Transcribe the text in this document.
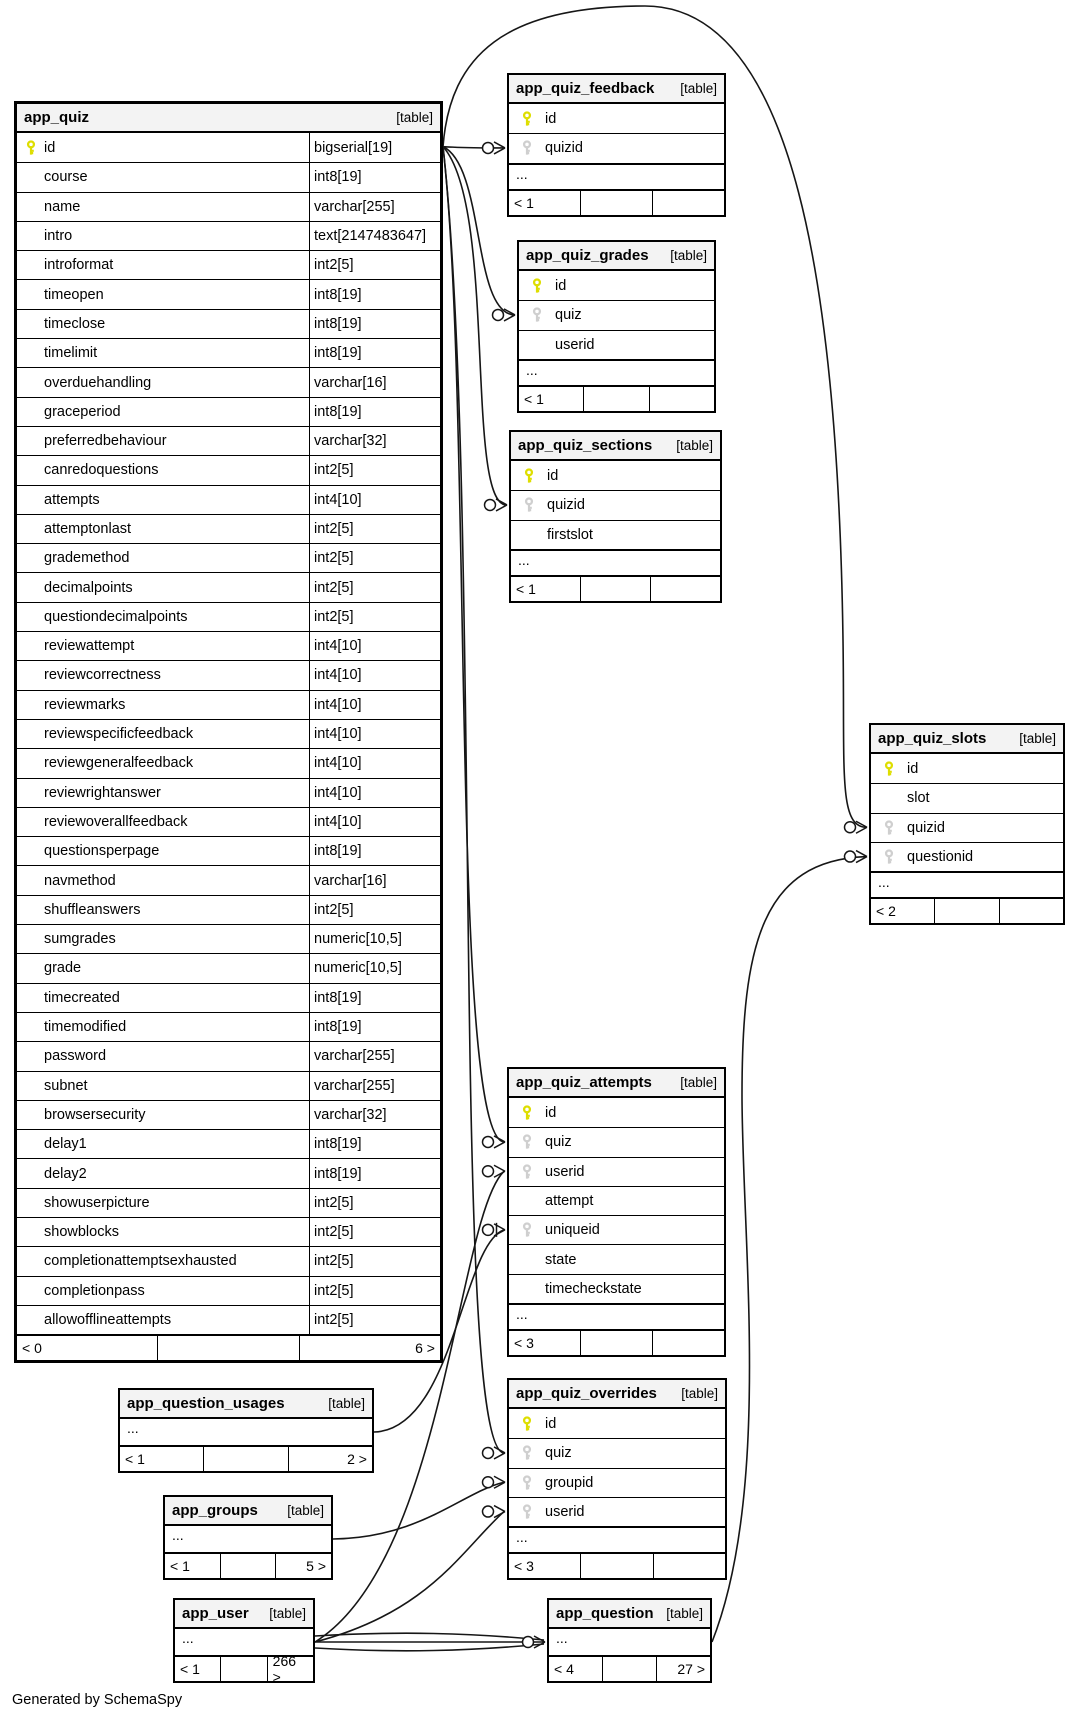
Generated by SchemaSpy
app_quiz	[table]
id	bigserial[19]
course	int8[19]
name	varchar[255]
intro	text[2147483647]
introformat	int2[5]
timeopen	int8[19]
timeclose	int8[19]
timelimit	int8[19]
overduehandling	varchar[16]
graceperiod	int8[19]
preferredbehaviour	varchar[32]
canredoquestions	int2[5]
attempts	int4[10]
attemptonlast	int2[5]
grademethod	int2[5]
decimalpoints	int2[5]
questiondecimalpoints	int2[5]
reviewattempt	int4[10]
reviewcorrectness	int4[10]
reviewmarks	int4[10]
reviewspecificfeedback	int4[10]
reviewgeneralfeedback	int4[10]
reviewrightanswer	int4[10]
reviewoverallfeedback	int4[10]
questionsperpage	int8[19]
navmethod	varchar[16]
shuffleanswers	int2[5]
sumgrades	numeric[10,5]
grade	numeric[10,5]
timecreated	int8[19]
timemodified	int8[19]
password	varchar[255]
subnet	varchar[255]
browsersecurity	varchar[32]
delay1	int8[19]
delay2	int8[19]
showuserpicture	int2[5]
showblocks	int2[5]
completionattemptsexhausted	int2[5]
completionpass	int2[5]
allowofflineattempts	int2[5]
< 0	6 >
app_quiz_feedback	[table]
id
quizid
...
< 1
app_quiz_grades	[table]
id
quiz
userid
...
< 1
app_quiz_sections	[table]
id
quizid
firstslot
...
< 1
app_quiz_slots	[table]
id
slot
quizid
questionid
...
< 2
app_quiz_attempts	[table]
id
quiz
userid
attempt
uniqueid
state
timecheckstate
...
< 3
app_quiz_overrides	[table]
id
quiz
groupid
userid
...
< 3
app_question_usages	[table]
...
< 1	2 >
app_groups	[table]
...
< 1	5 >
app_user	[table]
...
< 1	266 >
app_question [table]
...
< 4	27 >
